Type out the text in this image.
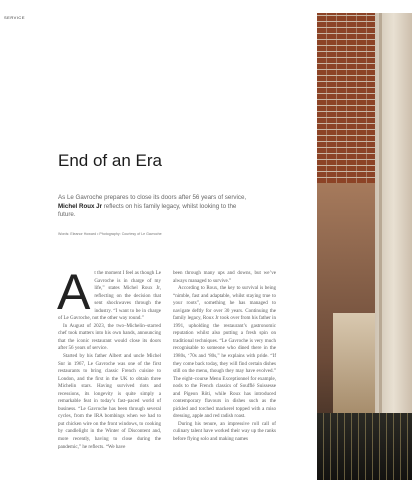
SERVICE
End of an Era

As Le Gavroche prepares to close its doors after 56 years of service, Michel Roux Jr reflects on his family legacy, whilst looking to the future.

Words: Eleanor Howard • Photography: Courtesy of Le Gavroche
A t the moment I feel as though Le Gavroche is in charge of my life,” states Michel Roux Jr, reflecting on the decision that sent shockwaves through the industry. “I want to be in charge of Le Gavroche, not the other way round.”

In August of 2023, the two–Michelin–starred chef took matters into his own hands, announcing that the iconic restaurant would close its doors after 56 years of service.

Started by his father Albert and uncle Michel Snr in 1967, Le Gavroche was one of the first restaurants to bring classic French cuisine to London, and the first in the UK to obtain three Michelin stars. Having survived riots and recessions, its longevity is quite simply a remarkable feat in today’s fast–paced world of business. “Le Gavroche has been through several cycles, from the IRA bombings when we had to put chicken wire on the front windows, to cooking by candlelight in the Winter of Discontent and, more recently, having to close during the pandemic,” he reflects. “We have

been through many ups and downs, but we’ve always managed to survive.”

According to Roux, the key to survival is being “nimble, fast and adaptable, whilst staying true to your roots”, something he has managed to navigate deftly for over 30 years. Continuing the family legacy, Roux Jr took over from his father in 1991, upholding the restaurant’s gastronomic reputation whilst also putting a fresh spin on traditional techniques. “Le Gavroche is very much recognisable to someone who dined there in the 1980s, ‘70s and ‘80s,” he explains with pride. “If they come back today, they will find certain dishes still on the menu, though they may have evolved.” The eight–course Menu Exceptionnel for example, nods to the French classics of Soufflé Suissesse and Pigeon Rôti, while Roux has introduced contemporary flavours in dishes such as the pickled and torched mackerel topped with a miso dressing, apple and red radish roast.

During his tenure, an impressive roll call of culinary talent have worked their way up the ranks before flying solo and making names
